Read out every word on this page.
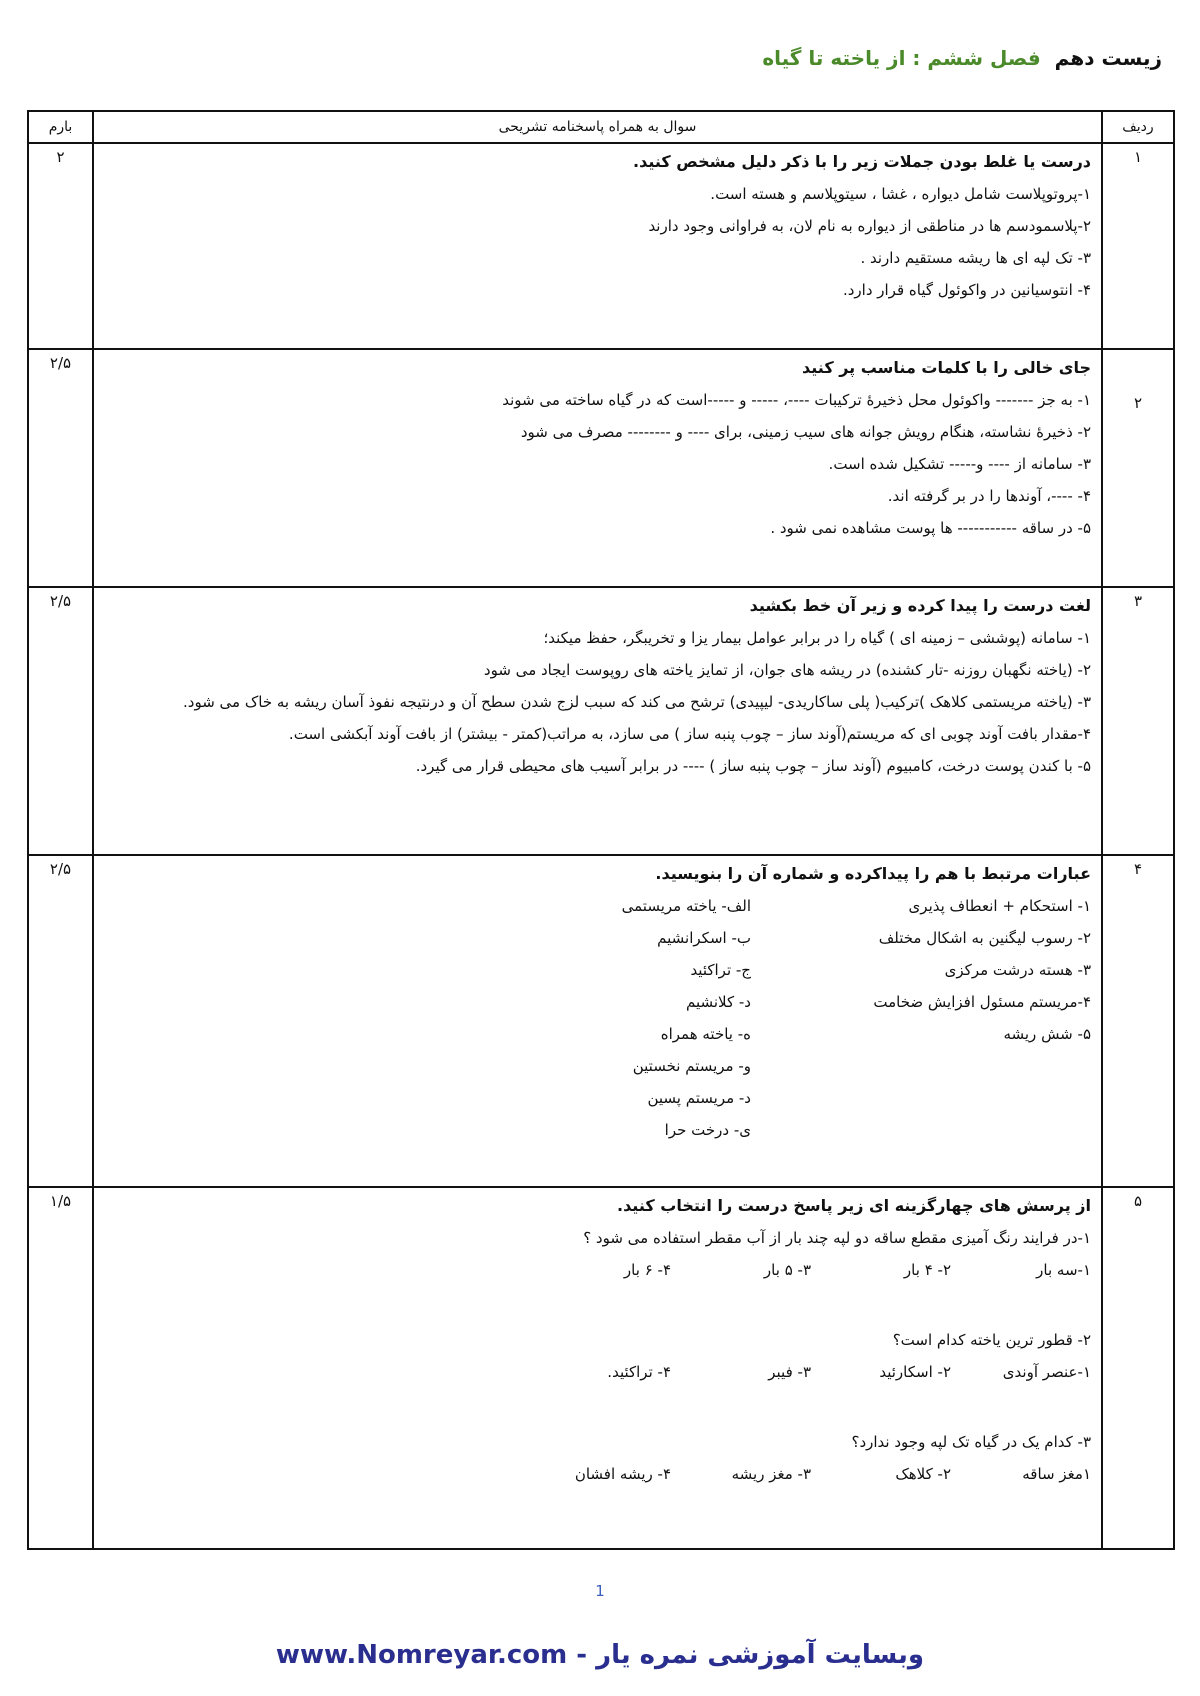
زیست دهم
فصل ششم : از یاخته تا گیاه
ردیف
سوال به همراه پاسخنامه تشریحی
بارم
۱
۲	درست یا غلط بودن جملات زیر را با ذکر دلیل مشخص کنید.
۱-پروتوپلاست شامل دیواره ، غشا ، سیتوپلاسم و هسته است.
۲-پلاسمودسم ها در مناطقی از دیواره به نام لان، به فراوانی وجود دارند
۳- تک لپه ای ها ریشه مستقیم دارند .
۴- انتوسیانین در واکوئول گیاه قرار دارد.
۲
۲/۵	جای خالی را با کلمات مناسب پر کنید
۱- به جز ------- واکوئول محل ذخیرۀ ترکیبات ----، ----- و -----است که در گیاه ساخته می شوند
۲- ذخیرۀ نشاسته، هنگام رویش جوانه های سیب زمینی، برای ---- و -------- مصرف می شود
۳- سامانه از ---- و----- تشکیل شده است.
۴- ----، آوندها را در بر گرفته اند.
۵- در ساقه ----------- ها پوست مشاهده نمی شود .
۳
۲/۵	لغت درست را پیدا کرده و زیر آن خط بکشید
۱- سامانه (پوششی – زمینه ای ) گیاه را در برابر عوامل بیمار یزا و تخریبگر، حفظ میکند؛
۲- (یاخته نگهبان روزنه -تار کشنده) در ریشه های جوان، از تمایز یاخته های روپوست ایجاد می شود
۳- (یاخته مریستمی کلاهک )ترکیب( پلی ساکاریدی- لیپیدی) ترشح می کند که سبب لزج شدن سطح آن و درنتیجه نفوذ آسان ریشه به خاک می شود.
۴-مقدار بافت آوند چوبی ای که مریستم(آوند ساز – چوب پنبه ساز ) می سازد، به مراتب(کمتر - بیشتر) از بافت آوند آبکشی است.
۵- با کندن پوست درخت، کامبیوم (آوند ساز – چوب پنبه ساز ) ---- در برابر آسیب های محیطی قرار می گیرد.
۴
۲/۵	عبارات مرتبط با هم را پیداکرده و شماره آن را بنویسید.
۱- استحکام + انعطاف پذیری
۲- رسوب لیگنین به اشکال مختلف
۳- هسته درشت مرکزی
۴-مریستم مسئول افزایش ضخامت
۵- شش ریشه
الف- یاخته مریستمی
ب- اسکرانشیم
ج- تراکئید
د- کلانشیم
ه- یاخته همراه
و- مریستم نخستین
د- مریستم پسین
ی- درخت حرا
۵
۱/۵	از پرسش های چهارگزینه ای زیر پاسخ درست را انتخاب کنید.
۱-در فرایند رنگ آمیزی مقطع ساقه دو لپه چند بار از آب مقطر استفاده می شود ؟
۱-سه بار
۲- ۴ بار
۳- ۵ بار
۴- ۶ بار
۲- قطور ترین یاخته کدام است؟
۱-عنصر آوندی
۲- اسکارئید
۳- فیبر
۴- تراکئید.
۳- کدام یک در گیاه تک لپه وجود ندارد؟
۱مغز ساقه
۲- کلاهک
۳- مغز ریشه
۴- ریشه افشان
1
وبسایت آموزشی نمره یار - www.Nomreyar.com
